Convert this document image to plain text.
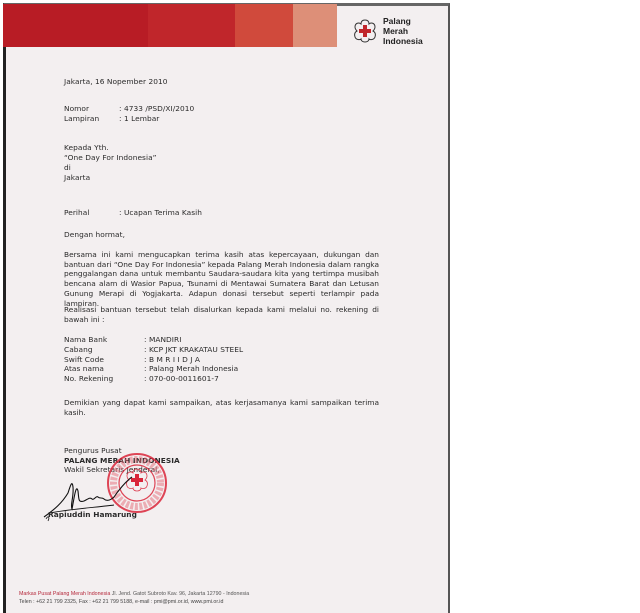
Palang
Merah
Indonesia
Jakarta, 16 Nopember 2010
Nomor	: 4733 /PSD/XI/2010
Lampiran	: 1 Lembar
Kepada Yth.
“One Day For Indonesia”
di
Jakarta
Perihal	: Ucapan Terima Kasih
Dengan hormat,
Bersama ini kami mengucapkan terima kasih atas kepercayaan, dukungan dan bantuan dari “One Day For Indonesia” kepada Palang Merah Indonesia dalam rangka penggalangan dana untuk membantu Saudara-saudara kita yang tertimpa musibah bencana alam di Wasior Papua, Tsunami di Mentawai Sumatera Barat dan Letusan Gunung Merapi di Yogjakarta. Adapun donasi tersebut seperti terlampir pada lampiran.
Realisasi bantuan tersebut telah disalurkan kepada kami melalui no. rekening di bawah ini :
Nama Bank	: MANDIRI
Cabang	: KCP JKT KRAKATAU STEEL
Swift Code	: B M R I I D J A
Atas nama	: Palang Merah Indonesia
No. Rekening	: 070-00-0011601-7
Demikian yang dapat kami sampaikan, atas kerjasamanya kami sampaikan terima kasih.
Pengurus Pusat
PALANG MERAH INDONESIA
Wakil Sekretaris Jenderal,
Rapiuddin Hamarung
Markas Pusat Palang Merah Indonesia Jl. Jend. Gatot Subroto Kav. 96, Jakarta 12790 - Indonesia
Telen : +62 21 799 2325, Fax : +62 21 799 5188, e-mail : pmi@pmi.or.id, www.pmi.or.id
